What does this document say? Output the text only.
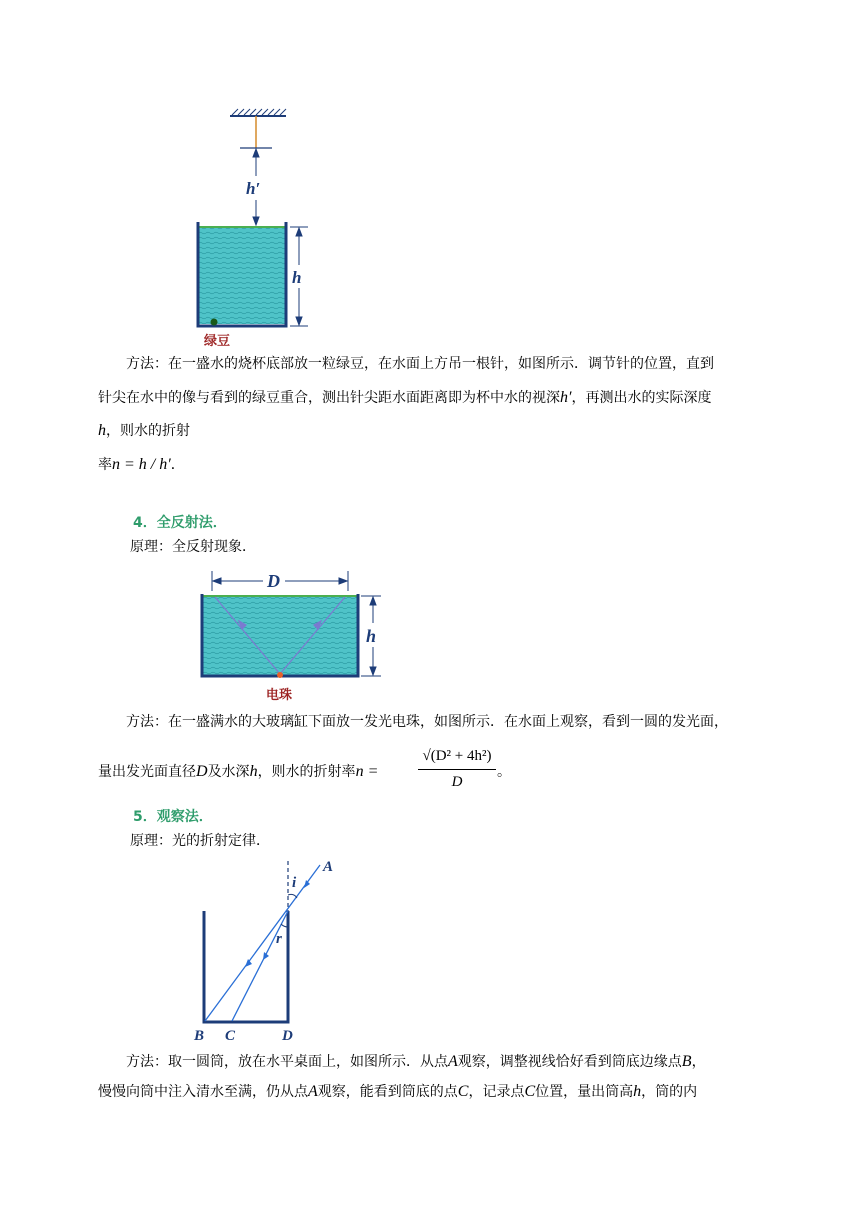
h′
h
绿豆

方法：在一盛水的烧杯底部放一粒绿豆，在水面上方吊一根针，如图所示．调节针的位置，直到
针尖在水中的像与看到的绿豆重合，测出针尖距水面距离即为杯中水的视深h′，再测出水的实际深度

h，则水的折射
率n = h / h′．

4．全反射法．
原理：全反射现象．
D
h
电珠

方法：在一盛满水的大玻璃缸下面放一发光电珠，如图所示．在水面上观察，看到一圆的发光面，

量出发光面直径D及水深h，则水的折射率n =	$\frac{\text{√(D² + 4h²)}}{D}$ 。
5．观察法．
原理：光的折射定律．
A
i
r
B C	D

方法：取一圆筒，放在水平桌面上，如图所示．从点A观察，调整视线恰好看到筒底边缘点B，

慢慢向筒中注入清水至满，仍从点A观察，能看到筒底的点C，记录点C位置，量出筒高h，筒的内
